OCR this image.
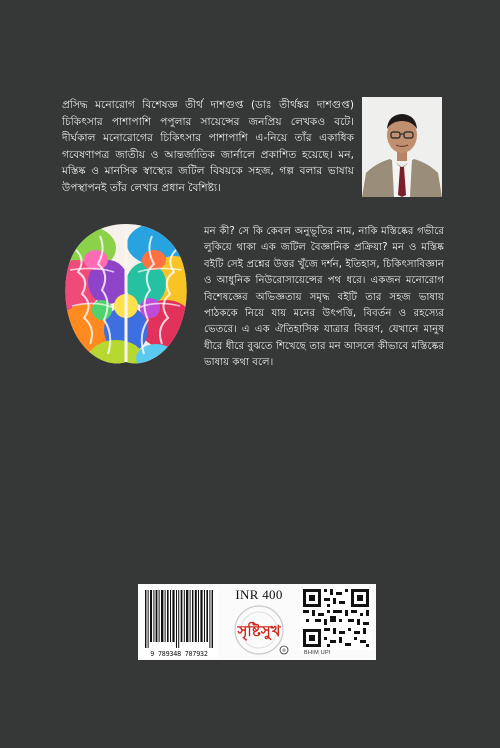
প্রসিদ্ধ মনোরোগ বিশেষজ্ঞ তীর্থ দাশগুপ্ত (ডাঃ তীর্থঙ্কর দাশগুপ্ত) চিকিৎসার পাশাপাশি পপুলার সায়েন্সের জনপ্রিয় লেখকও বটে। দীর্ঘকাল মনোরোগের চিকিৎসার পাশাপাশি এ-নিয়ে তাঁর একাধিক গবেষণাপত্র জাতীয় ও আন্তর্জাতিক জার্নালে প্রকাশিত হয়েছে। মন, মস্তিষ্ক ও মানসিক স্বাস্থ্যের জটিল বিষয়কে সহজ, গল্প বলার ভাষায় উপস্থাপনই তাঁর লেখার প্রধান বৈশিষ্ট্য।

মন কী? সে কি কেবল অনুভূতির নাম, নাকি মস্তিষ্কের গভীরে লুকিয়ে থাকা এক জটিল বৈজ্ঞানিক প্রক্রিয়া? মন ও মস্তিষ্ক বইটি সেই প্রশ্নের উত্তর খুঁজে দর্শন, ইতিহাস, চিকিৎসাবিজ্ঞান ও আধুনিক নিউরোসায়েন্সের পথ ধরে। একজন মনোরোগ বিশেষজ্ঞের অভিজ্ঞতায় সমৃদ্ধ বইটি তার সহজ ভাষায় পাঠককে নিয়ে যায় মনের উৎপত্তি, বিবর্তন ও রহস্যের ভেতরে। এ এক ঐতিহাসিক যাত্রার বিবরণ, যেখানে মানুষ ধীরে ধীরে বুঝতে শিখেছে তার মন আসলে কীভাবে মস্তিষ্কের ভাষায় কথা বলে।

9 789348 707932
INR 400
সৃষ্টিসুখ
®	BHIM UPI
